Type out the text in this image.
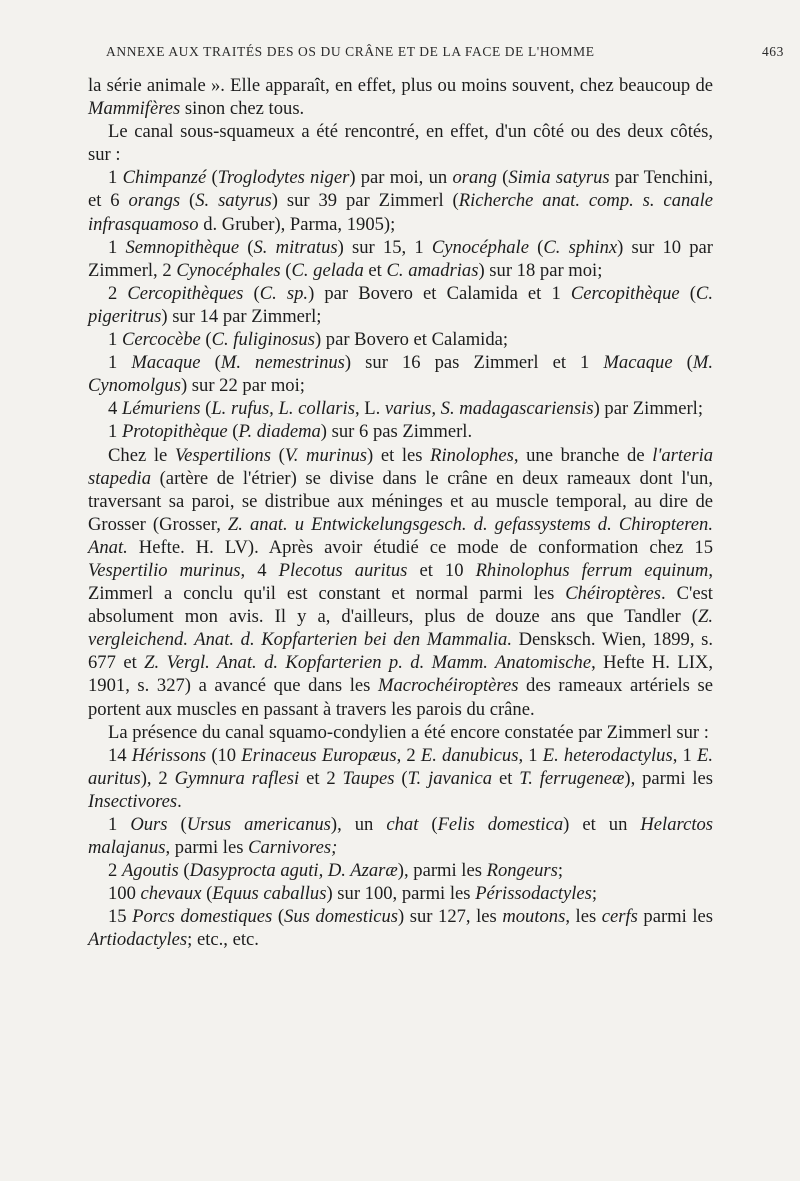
ANNEXE AUX TRAITÉS DES OS DU CRÂNE ET DE LA FACE DE L'HOMME	463

la série animale ». Elle apparaît, en effet, plus ou moins souvent, chez beaucoup de Mammifères sinon chez tous.

Le canal sous-squameux a été rencontré, en effet, d'un côté ou des deux côtés, sur :

1 Chimpanzé (Troglodytes niger) par moi, un orang (Simia satyrus par Tenchini, et 6 orangs (S. satyrus) sur 39 par Zimmerl (Richerche anat. comp. s. canale infrasquamoso d. Gruber), Parma, 1905);

1 Semnopithèque (S. mitratus) sur 15, 1 Cynocéphale (C. sphinx) sur 10 par Zimmerl, 2 Cynocéphales (C. gelada et C. amadrias) sur 18 par moi;

2 Cercopithèques (C. sp.) par Bovero et Calamida et 1 Cercopithèque (C. pigeritrus) sur 14 par Zimmerl;

1 Cercocèbe (C. fuliginosus) par Bovero et Calamida;

1 Macaque (M. nemestrinus) sur 16 pas Zimmerl et 1 Macaque (M. Cynomolgus) sur 22 par moi;

4 Lémuriens (L. rufus, L. collaris, L. varius, S. madagascariensis) par Zimmerl;

1 Protopithèque (P. diadema) sur 6 pas Zimmerl.

Chez le Vespertilions (V. murinus) et les Rinolophes, une branche de l'arteria stapedia (artère de l'étrier) se divise dans le crâne en deux rameaux dont l'un, traversant sa paroi, se distribue aux méninges et au muscle temporal, au dire de Grosser (Grosser, Z. anat. u Entwickelungsgesch. d. gefassystems d. Chiropteren. Anat. Hefte. H. LV). Après avoir étudié ce mode de conformation chez 15 Vespertilio murinus, 4 Plecotus auritus et 10 Rhinolophus ferrum equinum, Zimmerl a conclu qu'il est constant et normal parmi les Chéiroptères. C'est absolument mon avis. Il y a, d'ailleurs, plus de douze ans que Tandler (Z. vergleichend. Anat. d. Kopfarterien bei den Mammalia. Densksch. Wien, 1899, s. 677 et Z. Vergl. Anat. d. Kopfarterien p. d. Mamm. Anatomische, Hefte H. LIX, 1901, s. 327) a avancé que dans les Macrochéiroptères des rameaux artériels se portent aux muscles en passant à travers les parois du crâne.

La présence du canal squamo-condylien a été encore constatée par Zimmerl sur :

14 Hérissons (10 Erinaceus Europæus, 2 E. danubicus, 1 E. heterodactylus, 1 E. auritus), 2 Gymnura raflesi et 2 Taupes (T. javanica et T. ferrugeneæ), parmi les Insectivores.

1 Ours (Ursus americanus), un chat (Felis domestica) et un Helarctos malajanus, parmi les Carnivores;

2 Agoutis (Dasyprocta aguti, D. Azaræ), parmi les Rongeurs;

100 chevaux (Equus caballus) sur 100, parmi les Périssodactyles;

15 Porcs domestiques (Sus domesticus) sur 127, les moutons, les cerfs parmi les Artiodactyles; etc., etc.
